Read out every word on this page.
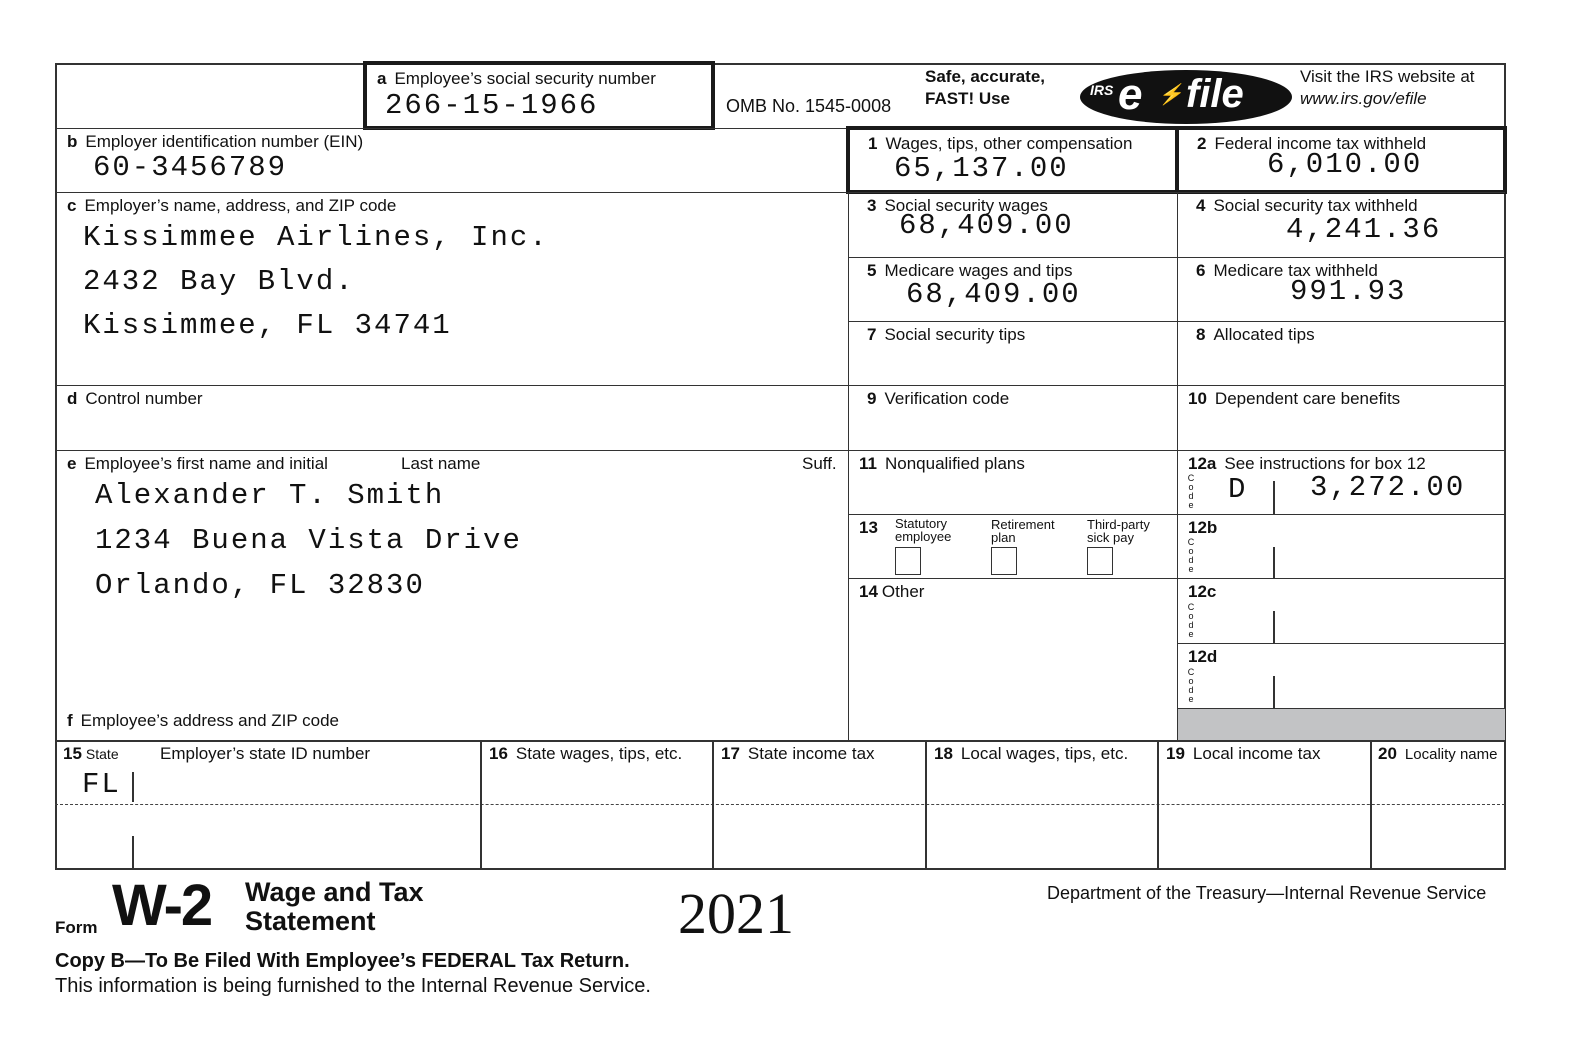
a Employee’s social security number
266-15-1966	OMB No. 1545-0008
Safe, accurate,
FAST! Use	IRS e ⚡ file	Visit the IRS website at
www.irs.gov/efile
b Employer identification number (EIN)
60-3456789
1 Wages, tips, other compensation
65,137.00
2 Federal income tax withheld
6,010.00
c Employer’s name, address, and ZIP code
Kissimmee Airlines, Inc.
2432 Bay Blvd.
Kissimmee, FL 34741
3 Social security wages
68,409.00
4 Social security tax withheld
4,241.36
5 Medicare wages and tips
68,409.00
6 Medicare tax withheld
991.93
7 Social security tips	8 Allocated tips
d Control number	9 Verification code	10 Dependent care benefits
e Employee’s first name and initial	Last name	Suff.
Alexander T. Smith
1234 Buena Vista Drive
Orlando, FL 32830
f Employee’s address and ZIP code
11 Nonqualified plans
13 Statutory
employee
Retirement
plan
Third-party
sick pay
14 Other
12a See instructions for box 12
D 3,272.00
12b
12c
12d
C
o
d
e
C
o
d
e
C
o
d
e
C
o
d
e
15 State Employer’s state ID number
FL
16 State wages, tips, etc. 17 State income tax	18 Local wages, tips, etc. 19 Local income tax	20 Locality name
Form W-2 Wage and Tax
Statement	2021	Department of the Treasury—Internal Revenue Service
Copy B—To Be Filed With Employee’s FEDERAL Tax Return.
This information is being furnished to the Internal Revenue Service.
